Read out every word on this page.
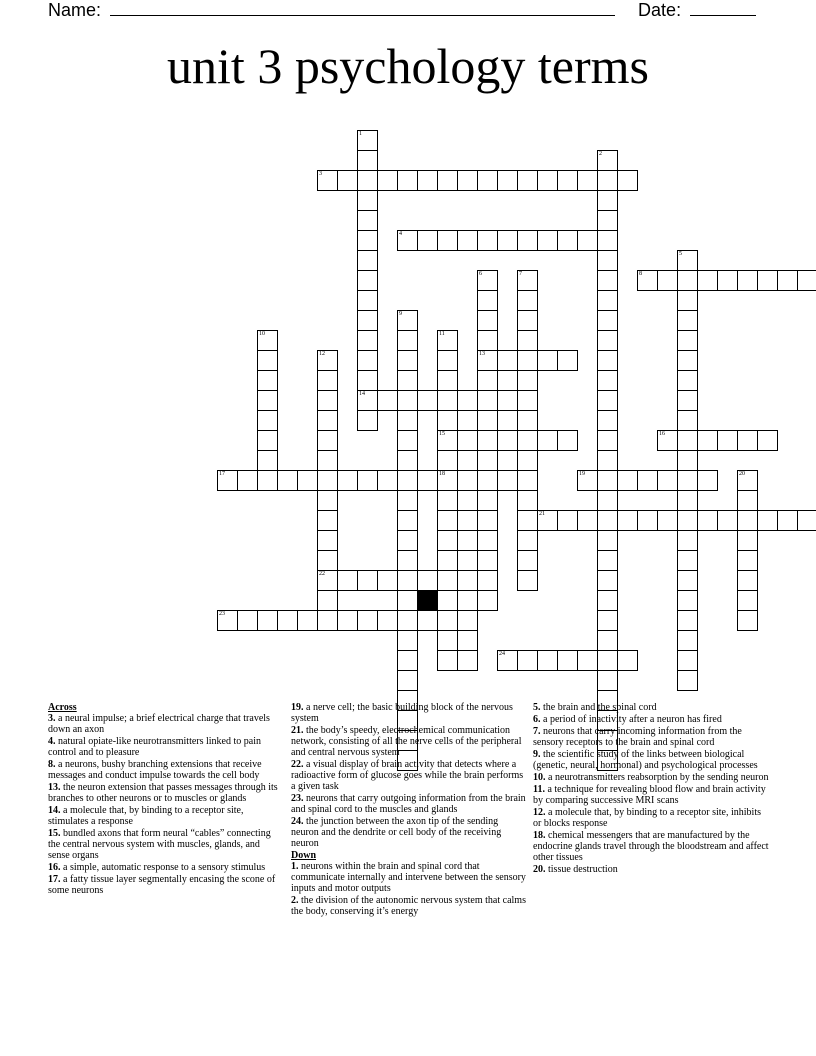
Name:	Date:
unit 3 psychology terms
3
1
14
2
4
5
8
6
13
7
9
11
15
18
10
12
22
16
17	19	20
21
23
24
Across
3. a neural impulse; a brief electrical charge that travels down an axon
4. natural opiate-like neurotransmitters linked to pain control and to pleasure
8. a neurons, bushy branching extensions that receive messages and conduct impulse towards the cell body
13. the neuron extension that passes messages through its branches to other neurons or to muscles or glands
14. a molecule that, by binding to a receptor site, stimulates a response
15. bundled axons that form neural “cables” connecting the central nervous system with muscles, glands, and sense organs
16. a simple, automatic response to a sensory stimulus
17. a fatty tissue layer segmentally encasing the scone of some neurons
19. a nerve cell; the basic building block of the nervous system
21. the body’s speedy, electrochemical communication network, consisting of all the nerve cells of the peripheral and central nervous system
22. a visual display of brain activity that detects where a radioactive form of glucose goes while the brain performs a given task
23. neurons that carry outgoing information from the brain and spinal cord to the muscles and glands
24. the junction between the axon tip of the sending neuron and the dendrite or cell body of the receiving neuron
Down
1. neurons within the brain and spinal cord that communicate internally and intervene between the sensory inputs and motor outputs
2. the division of the autonomic nervous system that calms the body, conserving it’s energy
5. the brain and the spinal cord
6. a period of inactivity after a neuron has fired
7. neurons that carry incoming information from the sensory receptors to the brain and spinal cord
9. the scientific study of the links between biological (genetic, neural, hormonal) and psychological processes
10. a neurotransmitters reabsorption by the sending neuron
11. a technique for revealing blood flow and brain activity by comparing successive MRI scans
12. a molecule that, by binding to a receptor site, inhibits or blocks response
18. chemical messengers that are manufactured by the endocrine glands travel through the bloodstream and affect other tissues
20. tissue destruction
